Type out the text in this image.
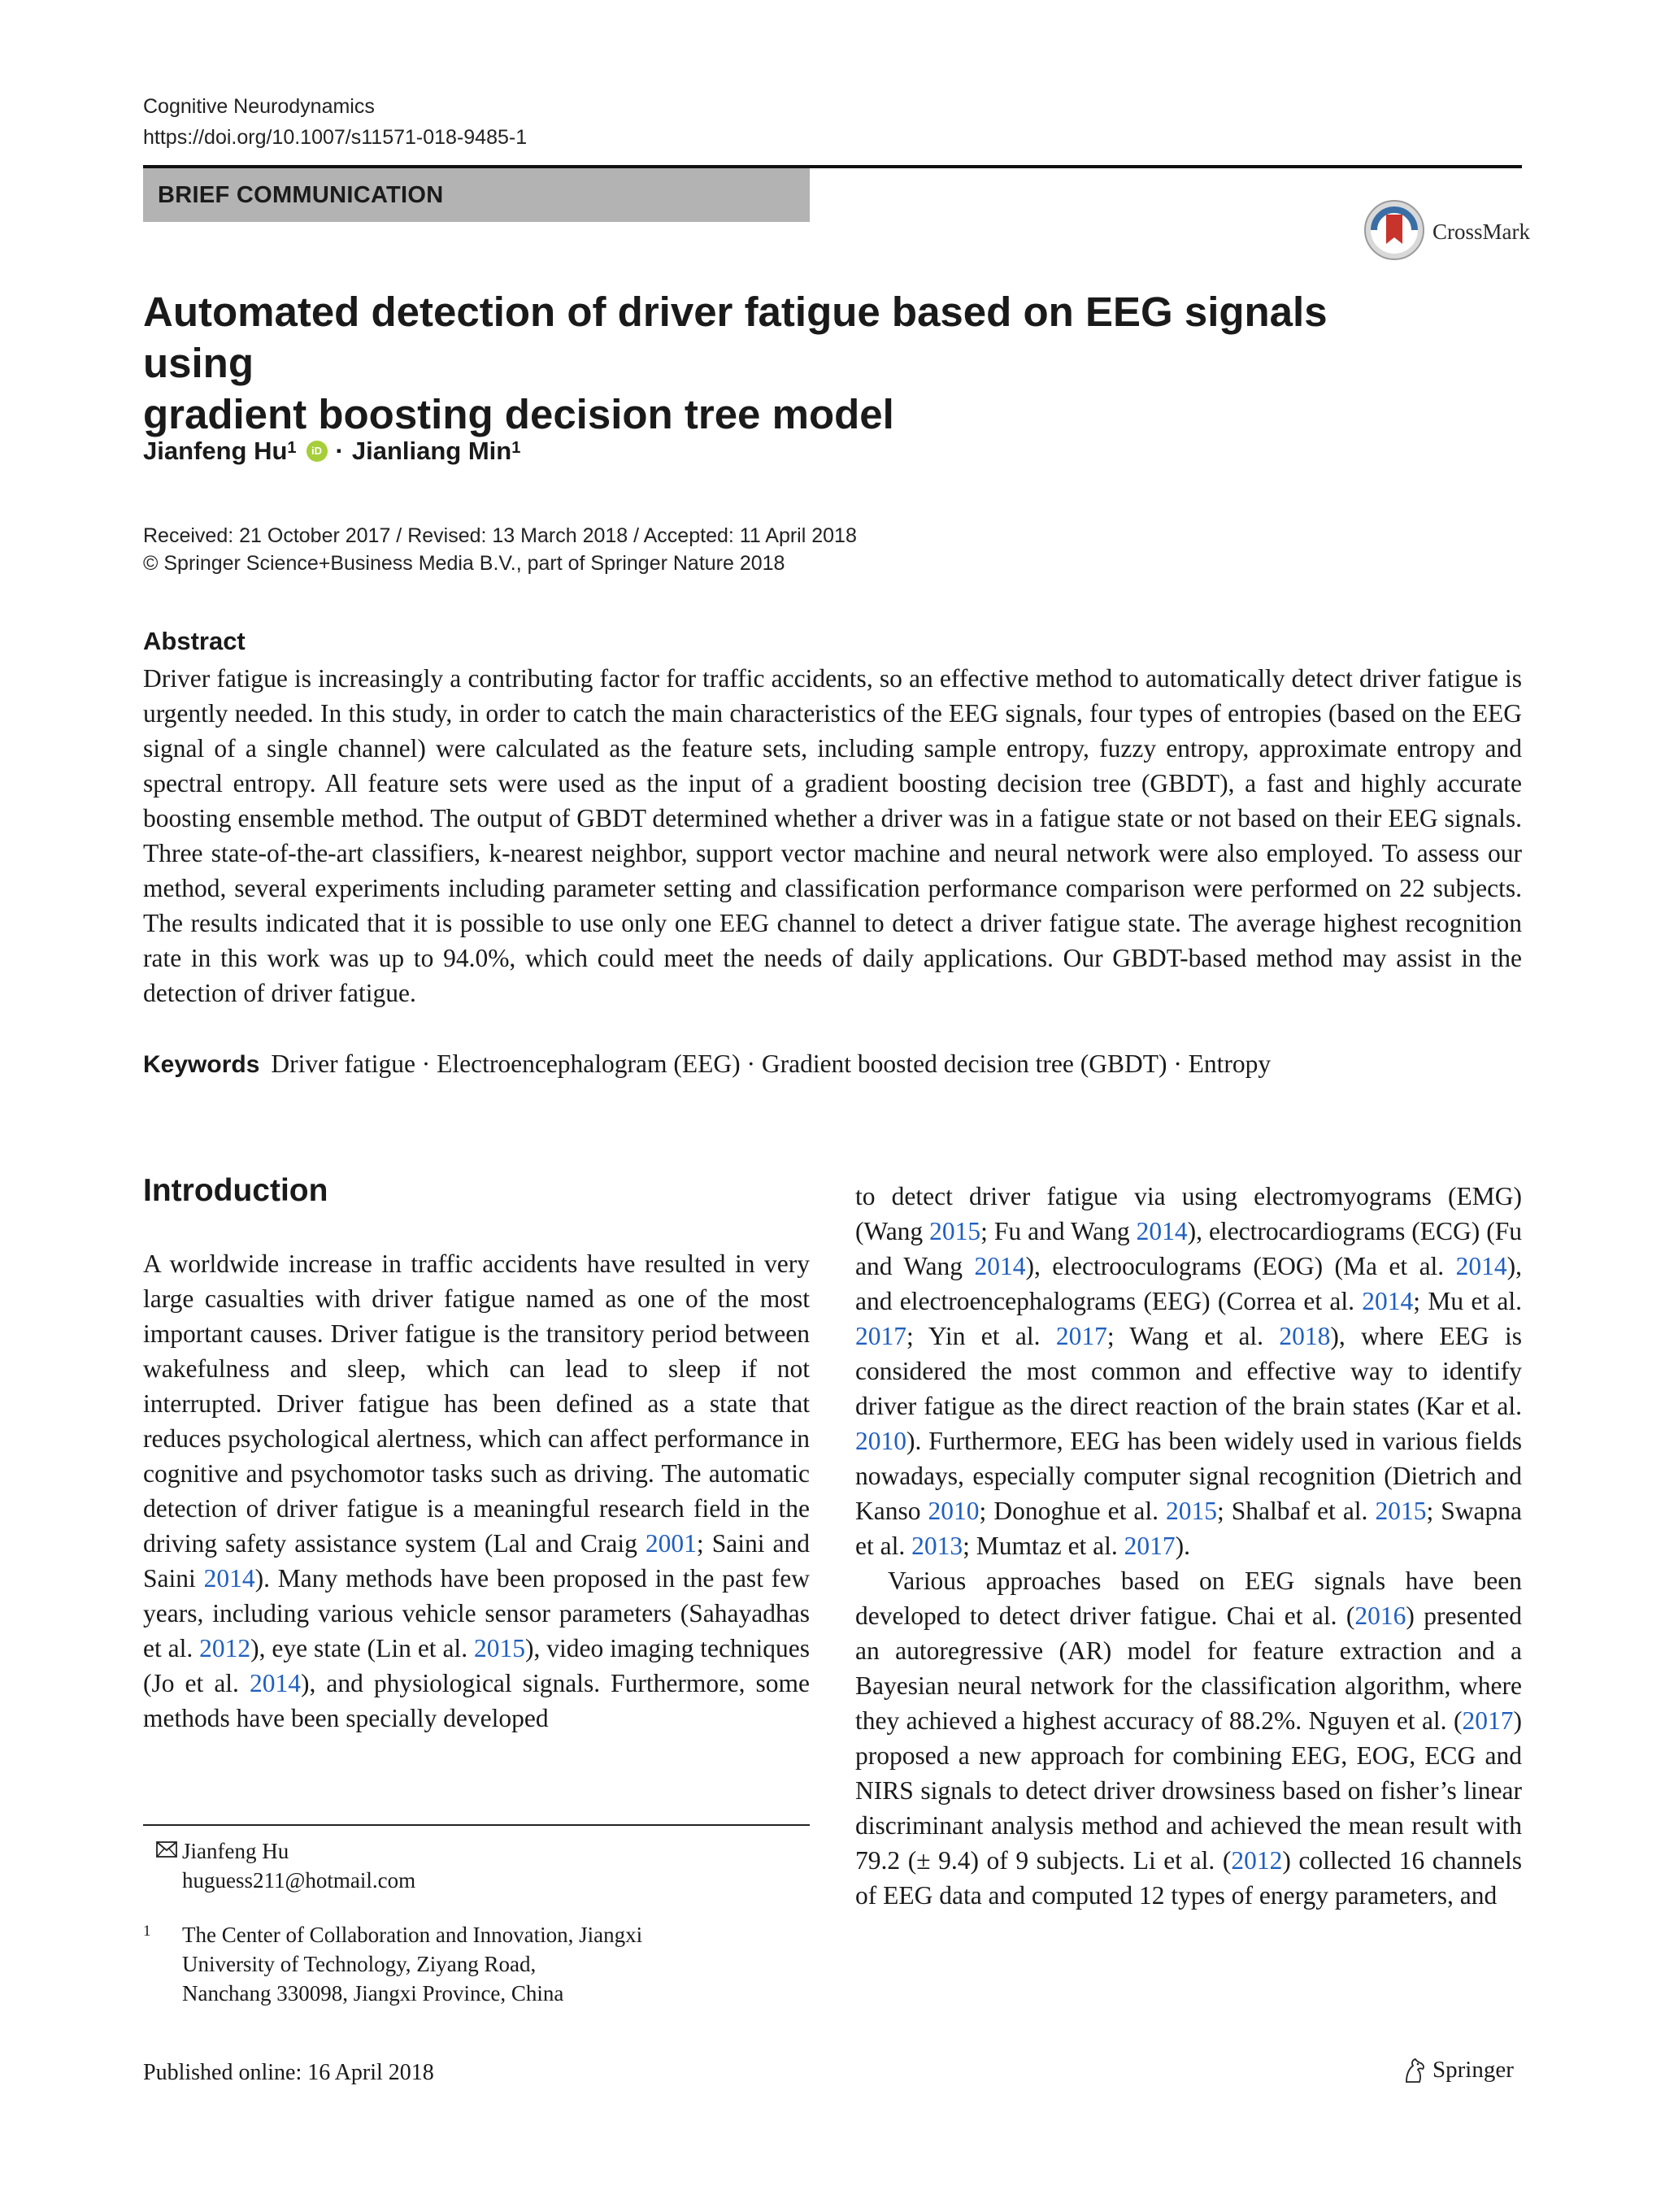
Cognitive Neurodynamics
https://doi.org/10.1007/s11571-018-9485-1
BRIEF COMMUNICATION
CrossMark
Automated detection of driver fatigue based on EEG signals using
gradient boosting decision tree model
Jianfeng Hu$^1$	iD · Jianliang Min$^1$
Received: 21 October 2017 / Revised: 13 March 2018 / Accepted: 11 April 2018
© Springer Science+Business Media B.V., part of Springer Nature 2018
Abstract
Driver fatigue is increasingly a contributing factor for traffic accidents, so an effective method to automatically detect driver fatigue is urgently needed. In this study, in order to catch the main characteristics of the EEG signals, four types of entropies (based on the EEG signal of a single channel) were calculated as the feature sets, including sample entropy, fuzzy entropy, approximate entropy and spectral entropy. All feature sets were used as the input of a gradient boosting decision tree (GBDT), a fast and highly accurate boosting ensemble method. The output of GBDT determined whether a driver was in a fatigue state or not based on their EEG signals. Three state-of-the-art classifiers, k-nearest neighbor, support vector machine and neural network were also employed. To assess our method, several experiments including parameter setting and classification performance comparison were performed on 22 subjects. The results indicated that it is possible to use only one EEG channel to detect a driver fatigue state. The average highest recognition rate in this work was up to 94.0%, which could meet the needs of daily applications. Our GBDT-based method may assist in the detection of driver fatigue.
Keywords Driver fatigue · Electroencephalogram (EEG) · Gradient boosted decision tree (GBDT) · Entropy
Introduction

A worldwide increase in traffic accidents have resulted in very large casualties with driver fatigue named as one of the most important causes. Driver fatigue is the transitory period between wakefulness and sleep, which can lead to sleep if not interrupted. Driver fatigue has been defined as a state that reduces psychological alertness, which can affect performance in cognitive and psychomotor tasks such as driving. The automatic detection of driver fatigue is a meaningful research field in the driving safety assistance system (Lal and Craig 2001; Saini and Saini 2014). Many methods have been proposed in the past few years, including various vehicle sensor parameters (Sahayadhas et al. 2012), eye state (Lin et al. 2015), video imaging techniques (Jo et al. 2014), and physiological signals. Furthermore, some methods have been specially developed

to detect driver fatigue via using electromyograms (EMG) (Wang 2015; Fu and Wang 2014), electrocardiograms (ECG) (Fu and Wang 2014), electrooculograms (EOG) (Ma et al. 2014), and electroencephalograms (EEG) (Correa et al. 2014; Mu et al. 2017; Yin et al. 2017; Wang et al. 2018), where EEG is considered the most common and effective way to identify driver fatigue as the direct reaction of the brain states (Kar et al. 2010). Furthermore, EEG has been widely used in various fields nowadays, especially computer signal recognition (Dietrich and Kanso 2010; Donoghue et al. 2015; Shalbaf et al. 2015; Swapna et al. 2013; Mumtaz et al. 2017).

Various approaches based on EEG signals have been developed to detect driver fatigue. Chai et al. (2016) presented an autoregressive (AR) model for feature extraction and a Bayesian neural network for the classification algorithm, where they achieved a highest accuracy of 88.2%. Nguyen et al. (2017) proposed a new approach for combining EEG, EOG, ECG and NIRS signals to detect driver drowsiness based on fisher’s linear discriminant analysis method and achieved the mean result with 79.2 (± 9.4) of 9 subjects. Li et al. (2012) collected 16 channels of EEG data and computed 12 types of energy parameters, and

Jianfeng Hu
huguess211@hotmail.com
1 The Center of Collaboration and Innovation, Jiangxi
University of Technology, Ziyang Road,
Nanchang 330098, Jiangxi Province, China
Published online: 16 April 2018	Springer
